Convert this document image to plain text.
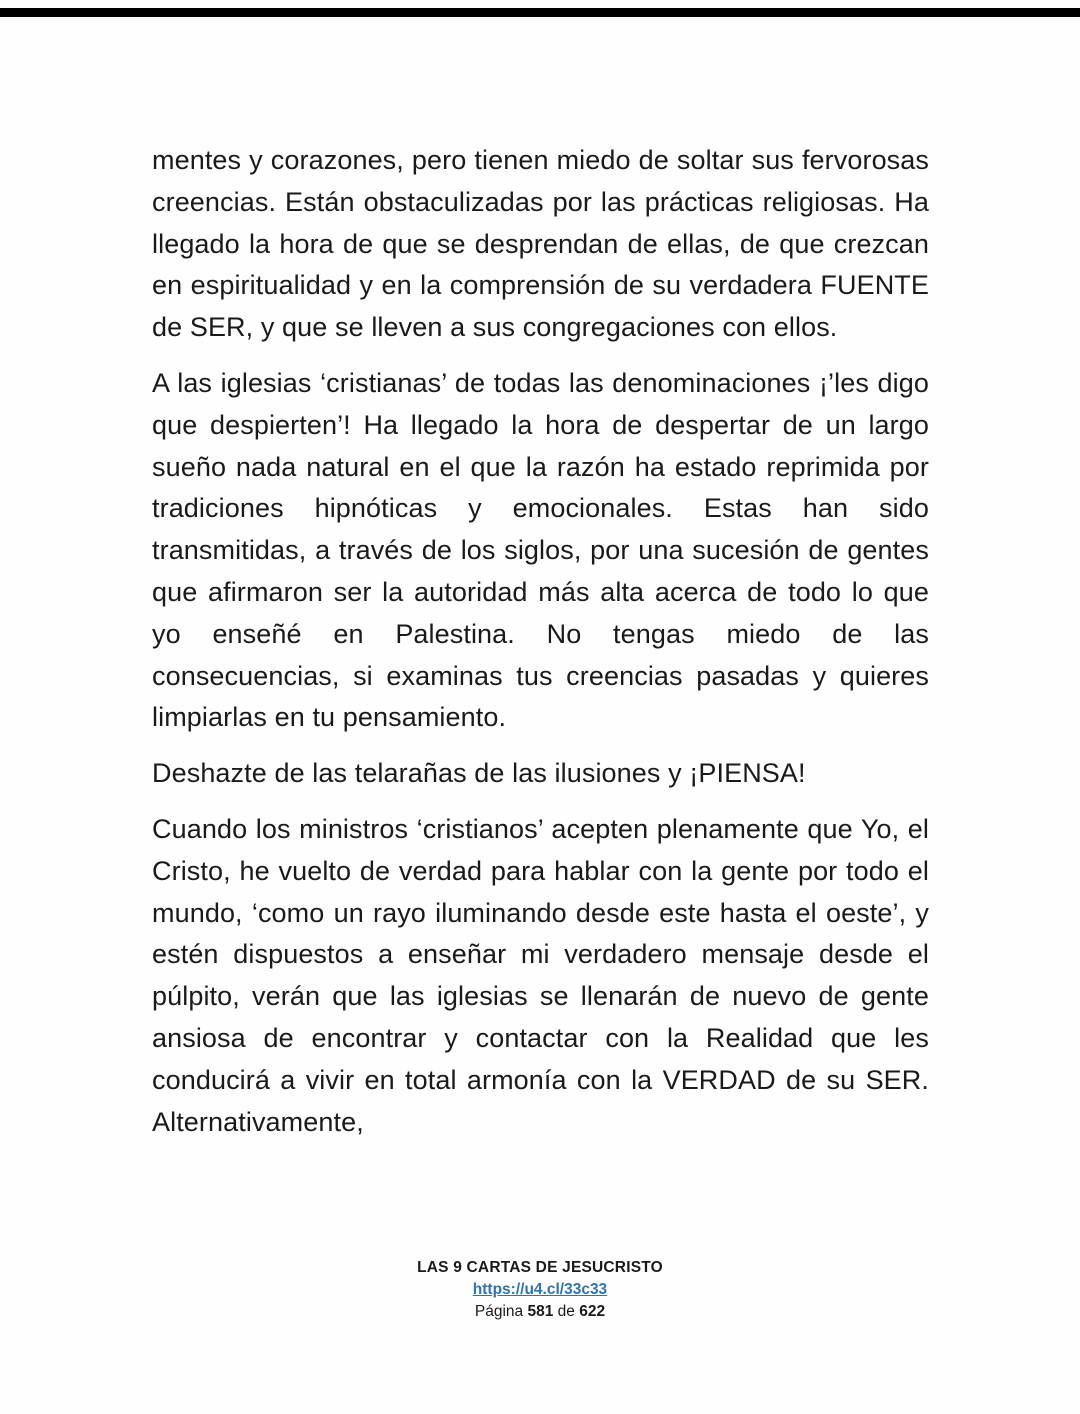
mentes y corazones, pero tienen miedo de soltar sus fervorosas creencias. Están obstaculizadas por las prácticas religiosas. Ha llegado la hora de que se desprendan de ellas, de que crezcan en espiritualidad y en la comprensión de su verdadera FUENTE de SER, y que se lleven a sus congregaciones con ellos.

A las iglesias ‘cristianas’ de todas las denominaciones ¡’les digo que despierten’! Ha llegado la hora de despertar de un largo sueño nada natural en el que la razón ha estado reprimida por tradiciones hipnóticas y emocionales. Estas han sido transmitidas, a través de los siglos, por una sucesión de gentes que afirmaron ser la autoridad más alta acerca de todo lo que yo enseñé en Palestina. No tengas miedo de las consecuencias, si examinas tus creencias pasadas y quieres limpiarlas en tu pensamiento.

Deshazte de las telarañas de las ilusiones y ¡PIENSA!

Cuando los ministros ‘cristianos’ acepten plenamente que Yo, el Cristo, he vuelto de verdad para hablar con la gente por todo el mundo, ‘como un rayo iluminando desde este hasta el oeste’, y estén dispuestos a enseñar mi verdadero mensaje desde el púlpito, verán que las iglesias se llenarán de nuevo de gente ansiosa de encontrar y contactar con la Realidad que les conducirá a vivir en total armonía con la VERDAD de su SER. Alternativamente,

LAS 9 CARTAS DE JESUCRISTO
https://u4.cl/33c33
Página 581 de 622
